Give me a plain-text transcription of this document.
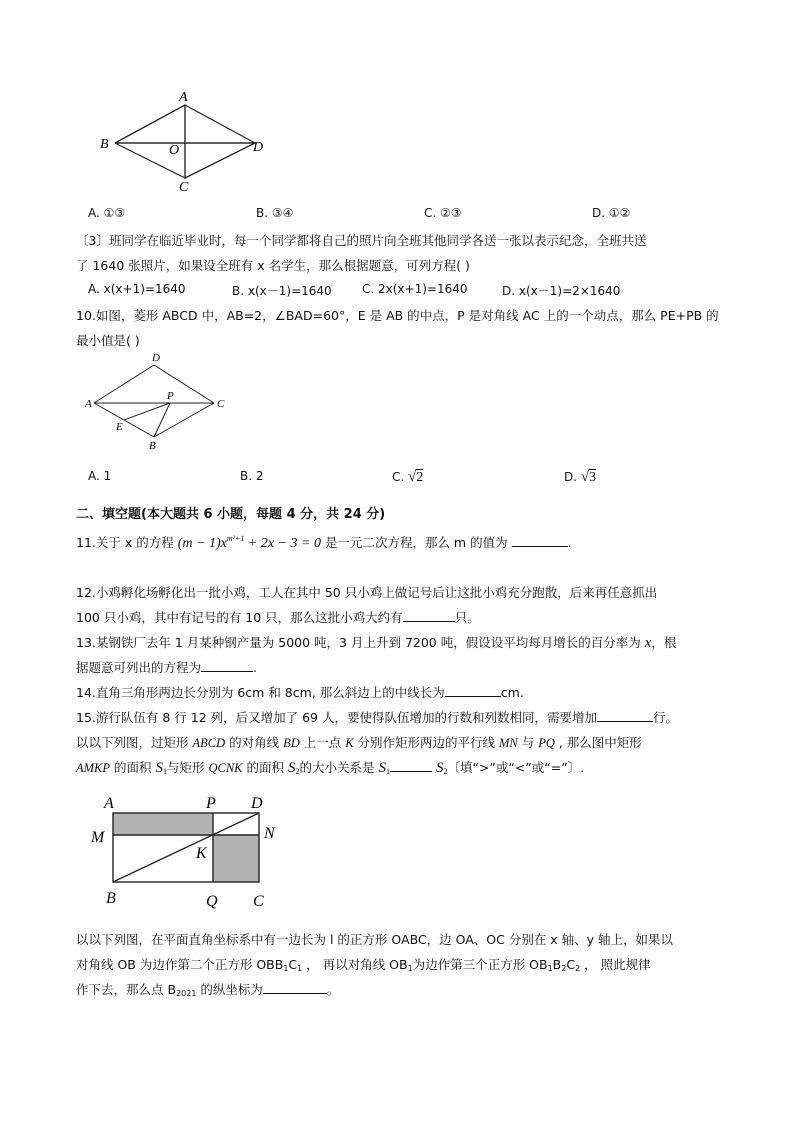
A
B	O	D
C
A. ①③	B. ③④	C. ②③	D. ①②
〔3〕班同学在临近毕业时，每一个同学都将自己的照片向全班其他同学各送一张以表示纪念，全班共送
了 1640 张照片，如果设全班有 x 名学生，那么根据题意，可列方程( )
A. x(x+1)=1640	B. x(x－1)=1640	C. 2x(x+1)=1640	D. x(x－1)=2×1640
10.如图，菱形 ABCD 中，AB=2，∠BAD=60°，E 是 AB 的中点，P 是对角线 AC 上的一个动点，那么 PE+PB 的
最小值是( )
D
A
P
C
E
B
A. 1	B. 2	C. √2	D. √3
二、填空题(本大题共 6 小题，每题 4 分，共 24 分)
11.关于 x 的方程 $(m - 1)x^{m^2+1} + 2x - 3 = 0$ 是一元二次方程，那么 m 的值为	.
12.小鸡孵化场孵化出一批小鸡，工人在其中 50 只小鸡上做记号后让这批小鸡充分跑散，后来再任意抓出
100 只小鸡，其中有记号的有 10 只，那么这批小鸡大约有	只。
13.某钢铁厂去年 1 月某种钢产量为 5000 吨，3 月上升到 7200 吨，假设设平均每月增长的百分率为 x，根
据题意可列出的方程为	.
14.直角三角形两边长分别为 6cm 和 8cm, 那么斜边上的中线长为	cm.
15.游行队伍有 8 行 12 列，后又增加了 69 人，要使得队伍增加的行数和列数相同，需要增加	行。
以以下列图，过矩形 ABCD 的对角线 BD 上一点 K 分别作矩形两边的平行线 MN 与 PQ , 那么图中矩形
AMKP 的面积 $S_1$与矩形 QCNK 的面积 $S_2$的大小关系是 $S_1$	$S_2$〔填“>”或“<”或“=”〕.
A	P D
M	N
K
B	Q C
以以下列图，在平面直角坐标系中有一边长为 l 的正方形 OABC，边 OA、OC 分别在 x 轴、y 轴上，如果以
对角线 OB 为边作第二个正方形 $OBB_1C_1$ ， 再以对角线 $OB_1$为边作第三个正方形 $OB_1B_2C_2$ ， 照此规律
作下去，那么点 $B_{2021}$ 的纵坐标为	。
